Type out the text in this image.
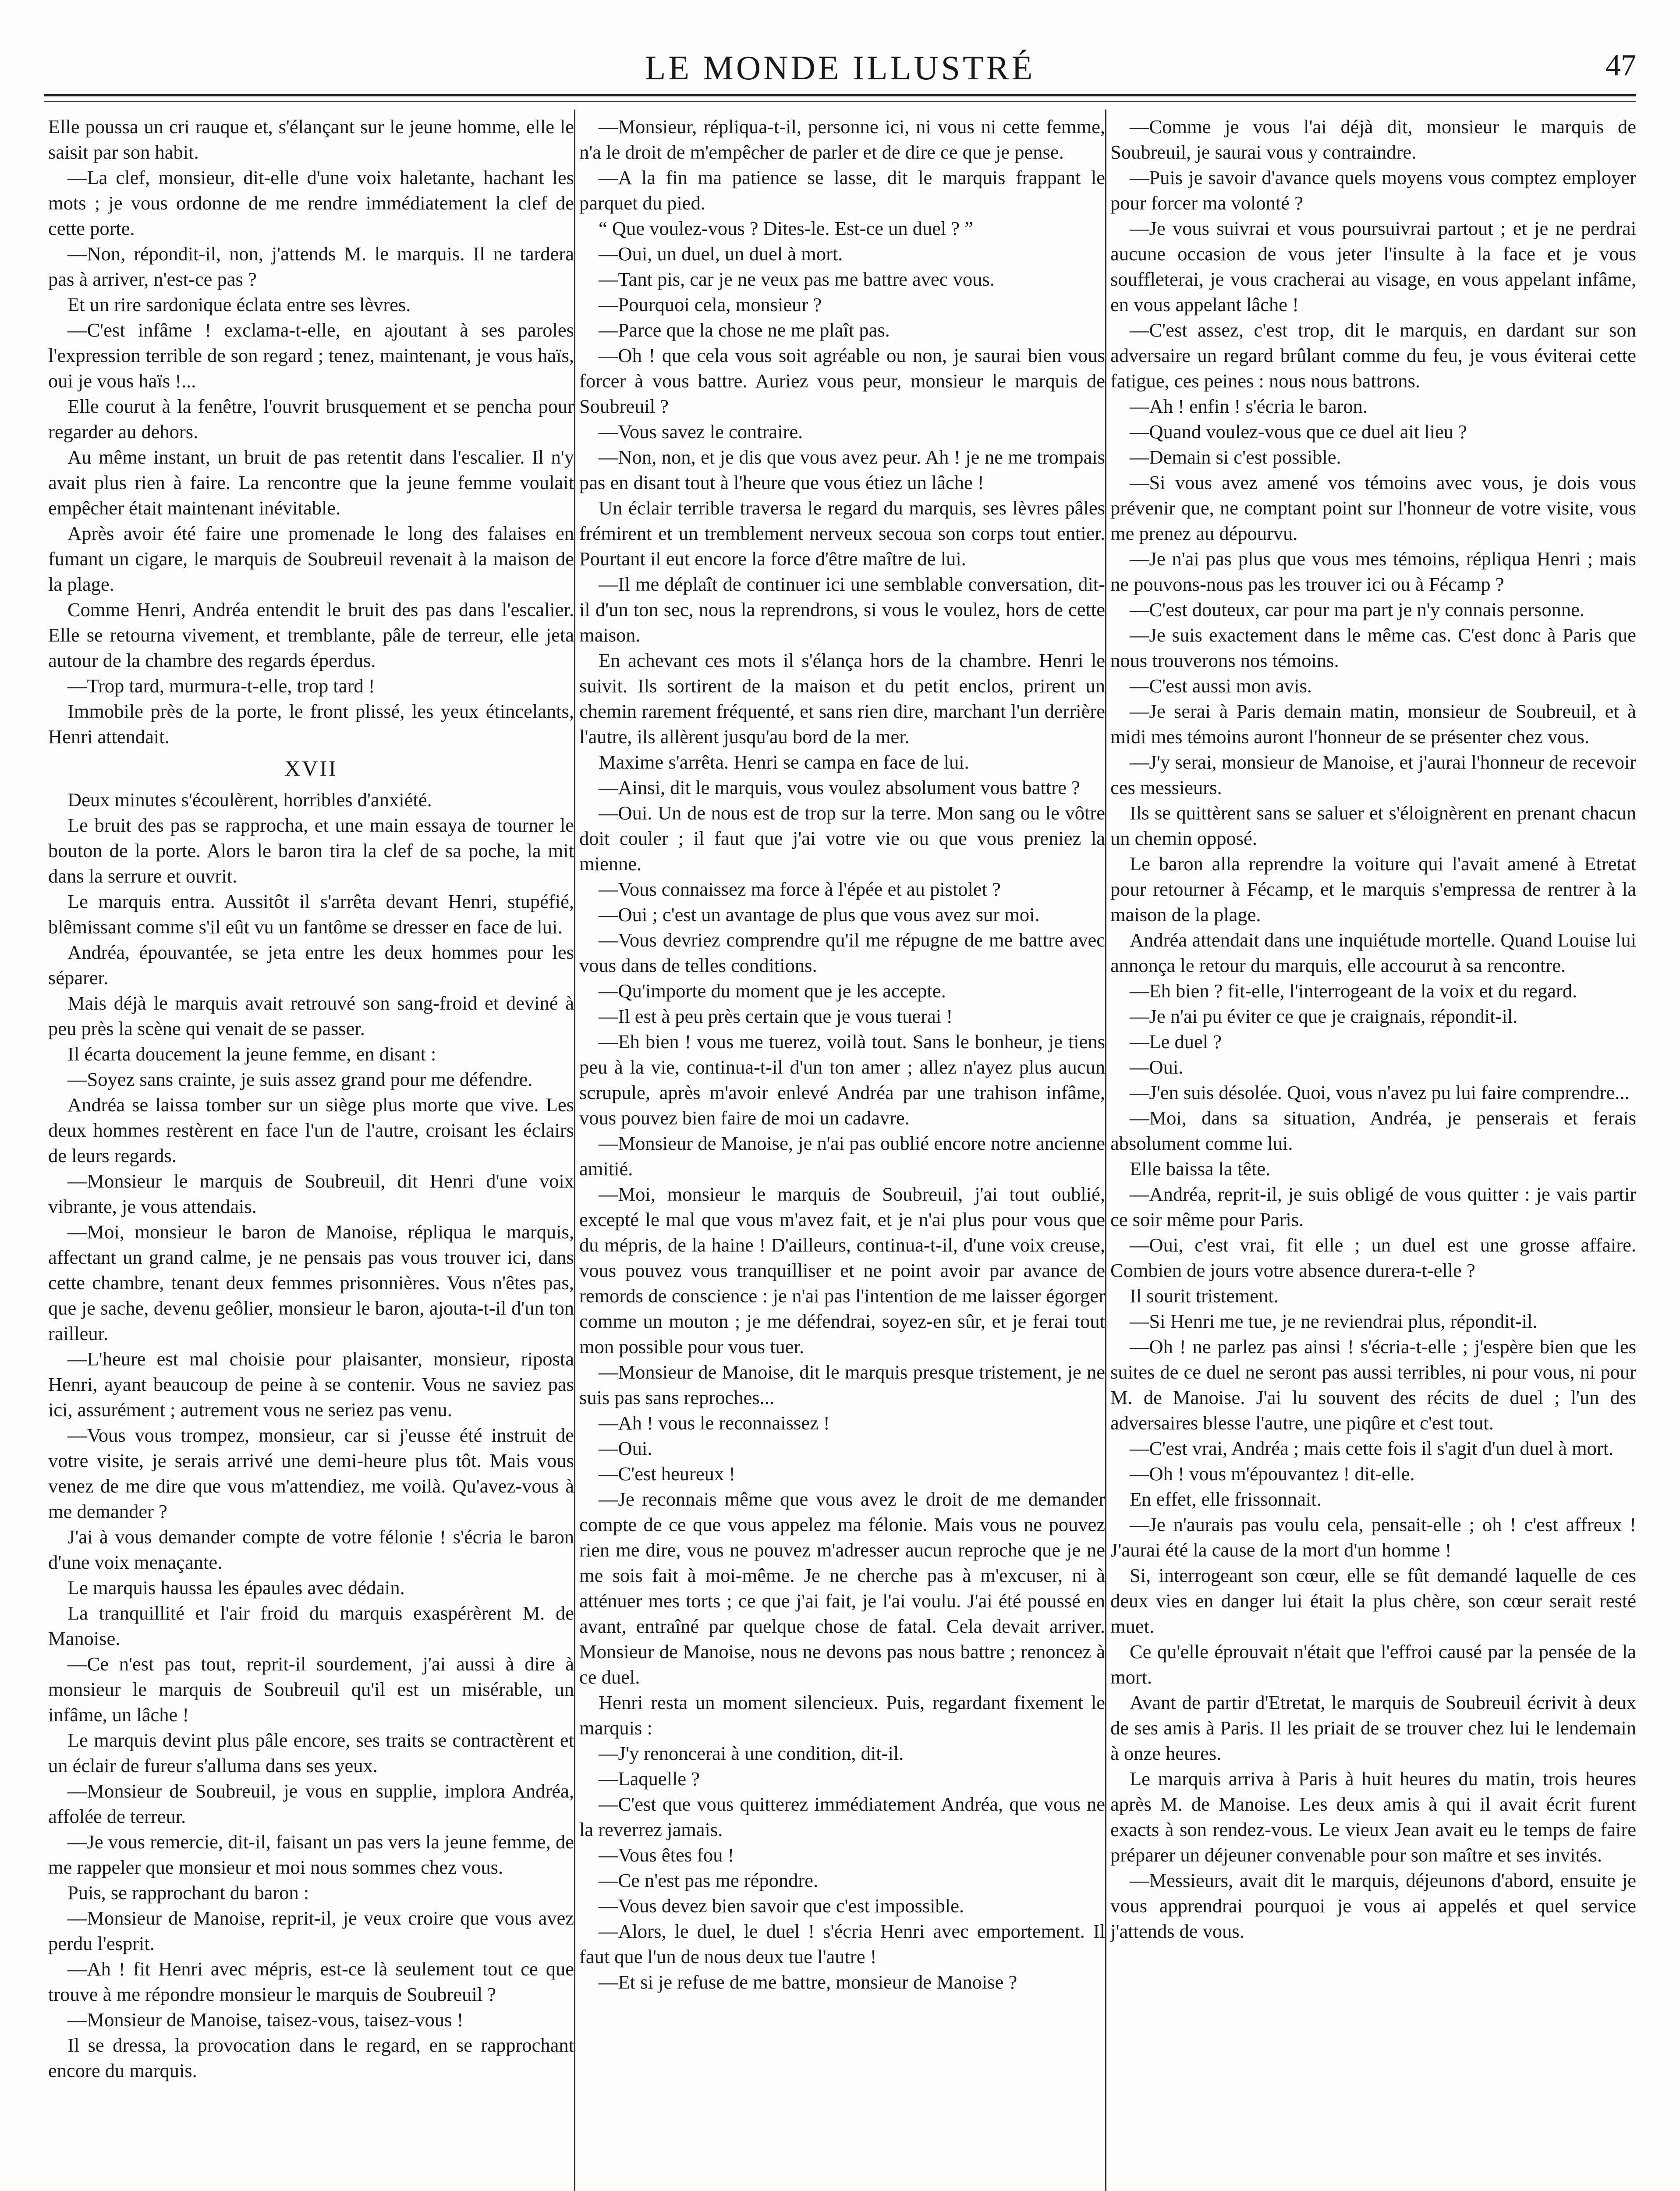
LE MONDE ILLUSTRÉ	47

Elle poussa un cri rauque et, s'élançant sur le jeune homme, elle le saisit par son habit.

—La clef, monsieur, dit-elle d'une voix haletante, hachant les mots ; je vous ordonne de me rendre immédiatement la clef de cette porte.

—Non, répondit-il, non, j'attends M. le marquis. Il ne tardera pas à arriver, n'est-ce pas ?

Et un rire sardonique éclata entre ses lèvres.

—C'est infâme ! exclama-t-elle, en ajoutant à ses paroles l'expression terrible de son regard ; tenez, maintenant, je vous haïs, oui je vous haïs !...

Elle courut à la fenêtre, l'ouvrit brusquement et se pencha pour regarder au dehors.

Au même instant, un bruit de pas retentit dans l'escalier. Il n'y avait plus rien à faire. La rencontre que la jeune femme voulait empêcher était maintenant inévitable.

Après avoir été faire une promenade le long des falaises en fumant un cigare, le marquis de Soubreuil revenait à la maison de la plage.

Comme Henri, Andréa entendit le bruit des pas dans l'escalier. Elle se retourna vivement, et tremblante, pâle de terreur, elle jeta autour de la chambre des regards éperdus.

—Trop tard, murmura-t-elle, trop tard !

Immobile près de la porte, le front plissé, les yeux étincelants, Henri attendait.

XVII

Deux minutes s'écoulèrent, horribles d'anxiété.

Le bruit des pas se rapprocha, et une main essaya de tourner le bouton de la porte. Alors le baron tira la clef de sa poche, la mit dans la serrure et ouvrit.

Le marquis entra. Aussitôt il s'arrêta devant Henri, stupéfié, blêmissant comme s'il eût vu un fantôme se dresser en face de lui.

Andréa, épouvantée, se jeta entre les deux hommes pour les séparer.

Mais déjà le marquis avait retrouvé son sang-froid et deviné à peu près la scène qui venait de se passer.

Il écarta doucement la jeune femme, en disant :

—Soyez sans crainte, je suis assez grand pour me défendre.

Andréa se laissa tomber sur un siège plus morte que vive. Les deux hommes restèrent en face l'un de l'autre, croisant les éclairs de leurs regards.

—Monsieur le marquis de Soubreuil, dit Henri d'une voix vibrante, je vous attendais.

—Moi, monsieur le baron de Manoise, répliqua le marquis, affectant un grand calme, je ne pensais pas vous trouver ici, dans cette chambre, tenant deux femmes prisonnières. Vous n'êtes pas, que je sache, devenu geôlier, monsieur le baron, ajouta-t-il d'un ton railleur.

—L'heure est mal choisie pour plaisanter, monsieur, riposta Henri, ayant beaucoup de peine à se contenir. Vous ne saviez pas ici, assurément ; autrement vous ne seriez pas venu.

—Vous vous trompez, monsieur, car si j'eusse été instruit de votre visite, je serais arrivé une demi-heure plus tôt. Mais vous venez de me dire que vous m'attendiez, me voilà. Qu'avez-vous à me demander ?

J'ai à vous demander compte de votre félonie ! s'écria le baron d'une voix menaçante.

Le marquis haussa les épaules avec dédain.

La tranquillité et l'air froid du marquis exaspérèrent M. de Manoise.

—Ce n'est pas tout, reprit-il sourdement, j'ai aussi à dire à monsieur le marquis de Soubreuil qu'il est un misérable, un infâme, un lâche !

Le marquis devint plus pâle encore, ses traits se contractèrent et un éclair de fureur s'alluma dans ses yeux.

—Monsieur de Soubreuil, je vous en supplie, implora Andréa, affolée de terreur.

—Je vous remercie, dit-il, faisant un pas vers la jeune femme, de me rappeler que monsieur et moi nous sommes chez vous.

Puis, se rapprochant du baron :

—Monsieur de Manoise, reprit-il, je veux croire que vous avez perdu l'esprit.

—Ah ! fit Henri avec mépris, est-ce là seulement tout ce que trouve à me répondre monsieur le marquis de Soubreuil ?

—Monsieur de Manoise, taisez-vous, taisez-vous !

Il se dressa, la provocation dans le regard, en se rapprochant encore du marquis.

—Monsieur, répliqua-t-il, personne ici, ni vous ni cette femme, n'a le droit de m'empêcher de parler et de dire ce que je pense.

—A la fin ma patience se lasse, dit le marquis frappant le parquet du pied.

“ Que voulez-vous ? Dites-le. Est-ce un duel ? ”

—Oui, un duel, un duel à mort.

—Tant pis, car je ne veux pas me battre avec vous.

—Pourquoi cela, monsieur ?

—Parce que la chose ne me plaît pas.

—Oh ! que cela vous soit agréable ou non, je saurai bien vous forcer à vous battre. Auriez vous peur, monsieur le marquis de Soubreuil ?

—Vous savez le contraire.

—Non, non, et je dis que vous avez peur. Ah ! je ne me trompais pas en disant tout à l'heure que vous étiez un lâche !

Un éclair terrible traversa le regard du marquis, ses lèvres pâles frémirent et un tremblement nerveux secoua son corps tout entier. Pourtant il eut encore la force d'être maître de lui.

—Il me déplaît de continuer ici une semblable conversation, dit-il d'un ton sec, nous la reprendrons, si vous le voulez, hors de cette maison.

En achevant ces mots il s'élança hors de la chambre. Henri le suivit. Ils sortirent de la maison et du petit enclos, prirent un chemin rarement fréquenté, et sans rien dire, marchant l'un derrière l'autre, ils allèrent jusqu'au bord de la mer.

Maxime s'arrêta. Henri se campa en face de lui.

—Ainsi, dit le marquis, vous voulez absolument vous battre ?

—Oui. Un de nous est de trop sur la terre. Mon sang ou le vôtre doit couler ; il faut que j'ai votre vie ou que vous preniez la mienne.

—Vous connaissez ma force à l'épée et au pistolet ?

—Oui ; c'est un avantage de plus que vous avez sur moi.

—Vous devriez comprendre qu'il me répugne de me battre avec vous dans de telles conditions.

—Qu'importe du moment que je les accepte.

—Il est à peu près certain que je vous tuerai !

—Eh bien ! vous me tuerez, voilà tout. Sans le bonheur, je tiens peu à la vie, continua-t-il d'un ton amer ; allez n'ayez plus aucun scrupule, après m'avoir enlevé Andréa par une trahison infâme, vous pouvez bien faire de moi un cadavre.

—Monsieur de Manoise, je n'ai pas oublié encore notre ancienne amitié.

—Moi, monsieur le marquis de Soubreuil, j'ai tout oublié, excepté le mal que vous m'avez fait, et je n'ai plus pour vous que du mépris, de la haine ! D'ailleurs, continua-t-il, d'une voix creuse, vous pouvez vous tranquilliser et ne point avoir par avance de remords de conscience : je n'ai pas l'intention de me laisser égorger comme un mouton ; je me défendrai, soyez-en sûr, et je ferai tout mon possible pour vous tuer.

—Monsieur de Manoise, dit le marquis presque tristement, je ne suis pas sans reproches...

—Ah ! vous le reconnaissez !

—Oui.

—C'est heureux !

—Je reconnais même que vous avez le droit de me demander compte de ce que vous appelez ma félonie. Mais vous ne pouvez rien me dire, vous ne pouvez m'adresser aucun reproche que je ne me sois fait à moi-même. Je ne cherche pas à m'excuser, ni à atténuer mes torts ; ce que j'ai fait, je l'ai voulu. J'ai été poussé en avant, entraîné par quelque chose de fatal. Cela devait arriver. Monsieur de Manoise, nous ne devons pas nous battre ; renoncez à ce duel.

Henri resta un moment silencieux. Puis, regardant fixement le marquis :

—J'y renoncerai à une condition, dit-il.

—Laquelle ?

—C'est que vous quitterez immédiatement Andréa, que vous ne la reverrez jamais.

—Vous êtes fou !

—Ce n'est pas me répondre.

—Vous devez bien savoir que c'est impossible.

—Alors, le duel, le duel ! s'écria Henri avec emportement. Il faut que l'un de nous deux tue l'autre !

—Et si je refuse de me battre, monsieur de Manoise ?

—Comme je vous l'ai déjà dit, monsieur le marquis de Soubreuil, je saurai vous y contraindre.

—Puis je savoir d'avance quels moyens vous comptez employer pour forcer ma volonté ?

—Je vous suivrai et vous poursuivrai partout ; et je ne perdrai aucune occasion de vous jeter l'insulte à la face et je vous souffleterai, je vous cracherai au visage, en vous appelant infâme, en vous appelant lâche !

—C'est assez, c'est trop, dit le marquis, en dardant sur son adversaire un regard brûlant comme du feu, je vous éviterai cette fatigue, ces peines : nous nous battrons.

—Ah ! enfin ! s'écria le baron.

—Quand voulez-vous que ce duel ait lieu ?

—Demain si c'est possible.

—Si vous avez amené vos témoins avec vous, je dois vous prévenir que, ne comptant point sur l'honneur de votre visite, vous me prenez au dépourvu.

—Je n'ai pas plus que vous mes témoins, répliqua Henri ; mais ne pouvons-nous pas les trouver ici ou à Fécamp ?

—C'est douteux, car pour ma part je n'y connais personne.

—Je suis exactement dans le même cas. C'est donc à Paris que nous trouverons nos témoins.

—C'est aussi mon avis.

—Je serai à Paris demain matin, monsieur de Soubreuil, et à midi mes témoins auront l'honneur de se présenter chez vous.

—J'y serai, monsieur de Manoise, et j'aurai l'honneur de recevoir ces messieurs.

Ils se quittèrent sans se saluer et s'éloignèrent en prenant chacun un chemin opposé.

Le baron alla reprendre la voiture qui l'avait amené à Etretat pour retourner à Fécamp, et le marquis s'empressa de rentrer à la maison de la plage.

Andréa attendait dans une inquiétude mortelle. Quand Louise lui annonça le retour du marquis, elle accourut à sa rencontre.

—Eh bien ? fit-elle, l'interrogeant de la voix et du regard.

—Je n'ai pu éviter ce que je craignais, répondit-il.

—Le duel ?

—Oui.

—J'en suis désolée. Quoi, vous n'avez pu lui faire comprendre...

—Moi, dans sa situation, Andréa, je penserais et ferais absolument comme lui.

Elle baissa la tête.

—Andréa, reprit-il, je suis obligé de vous quitter : je vais partir ce soir même pour Paris.

—Oui, c'est vrai, fit elle ; un duel est une grosse affaire. Combien de jours votre absence durera-t-elle ?

Il sourit tristement.

—Si Henri me tue, je ne reviendrai plus, répondit-il.

—Oh ! ne parlez pas ainsi ! s'écria-t-elle ; j'espère bien que les suites de ce duel ne seront pas aussi terribles, ni pour vous, ni pour M. de Manoise. J'ai lu souvent des récits de duel ; l'un des adversaires blesse l'autre, une piqûre et c'est tout.

—C'est vrai, Andréa ; mais cette fois il s'agit d'un duel à mort.

—Oh ! vous m'épouvantez ! dit-elle.

En effet, elle frissonnait.

—Je n'aurais pas voulu cela, pensait-elle ; oh ! c'est affreux ! J'aurai été la cause de la mort d'un homme !

Si, interrogeant son cœur, elle se fût demandé laquelle de ces deux vies en danger lui était la plus chère, son cœur serait resté muet.

Ce qu'elle éprouvait n'était que l'effroi causé par la pensée de la mort.

Avant de partir d'Etretat, le marquis de Soubreuil écrivit à deux de ses amis à Paris. Il les priait de se trouver chez lui le lendemain à onze heures.

Le marquis arriva à Paris à huit heures du matin, trois heures après M. de Manoise. Les deux amis à qui il avait écrit furent exacts à son rendez-vous. Le vieux Jean avait eu le temps de faire préparer un déjeuner convenable pour son maître et ses invités.

—Messieurs, avait dit le marquis, déjeunons d'abord, ensuite je vous apprendrai pourquoi je vous ai appelés et quel service j'attends de vous.
